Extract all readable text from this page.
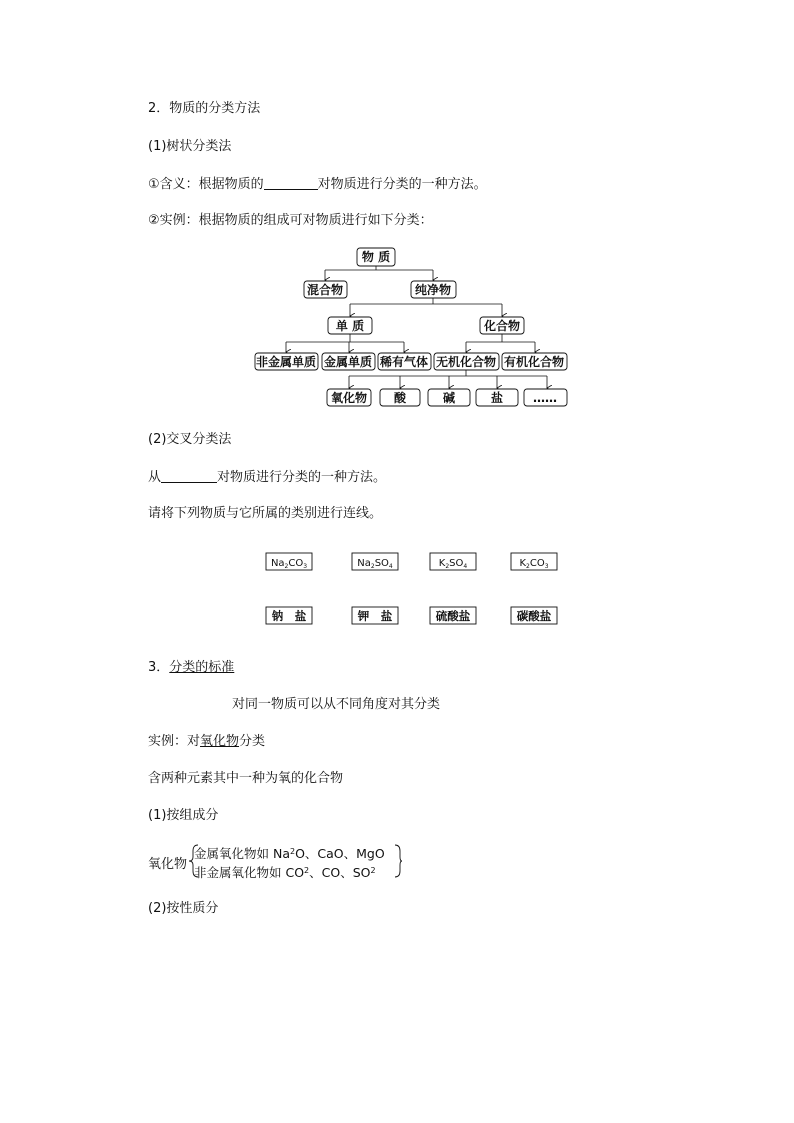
2．物质的分类方法
(1)树状分类法
①含义：根据物质的	对物质进行分类的一种方法。
②实例：根据物质的组成可对物质进行如下分类：
物 质
混合物	纯净物
单 质	化合物
非金属单质 金属单质 稀有气体 无机化合物 有机化合物
氧化物 酸	碱	盐 ……
(2)交叉分类法
从	对物质进行分类的一种方法。
请将下列物质与它所属的类别进行连线。
$Na_2CO_3$	$Na_2SO_4$	$K_2SO_4$	$K_2CO_3$
钠　盐	钾　盐	硫酸盐	碳酸盐
3．分类的标准
对同一物质可以从不同角度对其分类
实例：对氧化物分类
含两种元素其中一种为氧的化合物
(1)按组成分
氧化物
金属氧化物如 Na$^2$O、CaO、MgO
非金属氧化物如 $CO^2$、CO、$SO^2$
(2)按性质分
